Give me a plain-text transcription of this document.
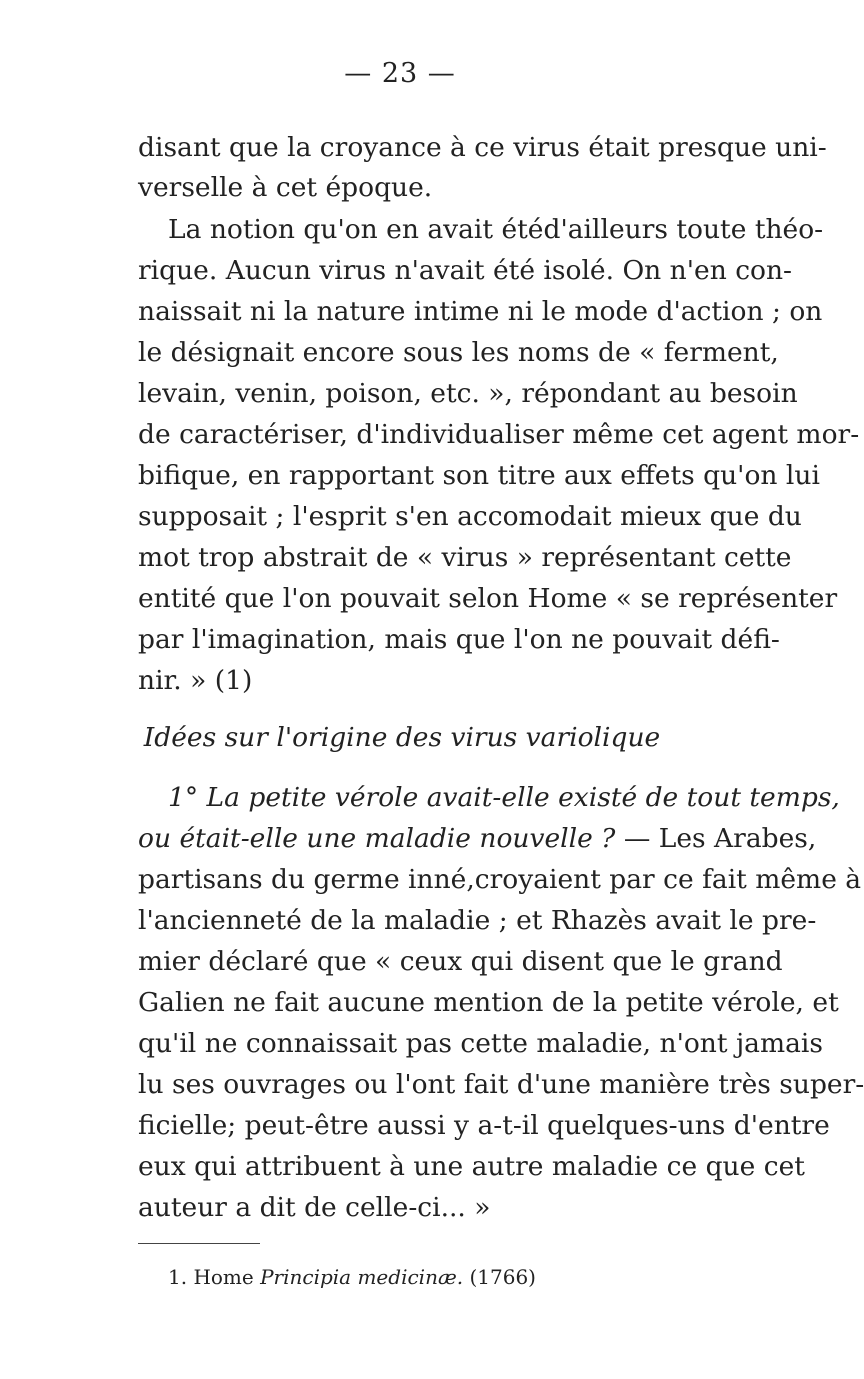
— 23 —
disant que la croyance à ce virus était presque uni-
verselle à cet époque.
La notion qu'on en avait étéd'ailleurs toute théo-
rique. Aucun virus n'avait été isolé. On n'en con-
naissait ni la nature intime ni le mode d'action ; on
le désignait encore sous les noms de « ferment,
levain, venin, poison, etc. », répondant au besoin
de caractériser, d'individualiser même cet agent mor-
bifique, en rapportant son titre aux effets qu'on lui
supposait ; l'esprit s'en accomodait mieux que du
mot trop abstrait de « virus » représentant cette
entité que l'on pouvait selon Home « se représenter
par l'imagination, mais que l'on ne pouvait défi-
nir. » (1)
Idées sur l'origine des virus variolique
1° La petite vérole avait-elle existé de tout temps,
ou était-elle une maladie nouvelle ? — Les Arabes,
partisans du germe inné,croyaient par ce fait même à
l'ancienneté de la maladie ; et Rhazès avait le pre-
mier déclaré que « ceux qui disent que le grand
Galien ne fait aucune mention de la petite vérole, et
qu'il ne connaissait pas cette maladie, n'ont jamais
lu ses ouvrages ou l'ont fait d'une manière très super-
ficielle; peut-être aussi y a-t-il quelques-uns d'entre
eux qui attribuent à une autre maladie ce que cet
auteur a dit de celle-ci... »
1. Home Principia medicinæ. (1766)
